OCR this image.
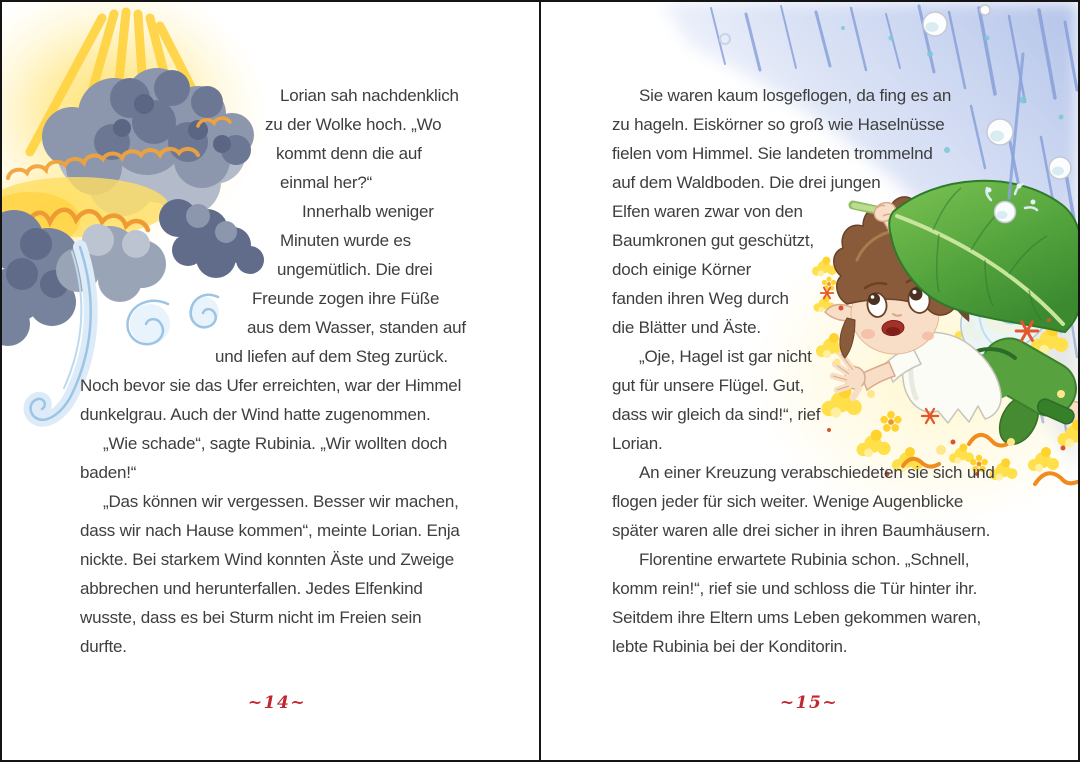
Lorian sah nachdenklich
zu der Wolke hoch. „Wo
kommt denn die auf
einmal her?“
Innerhalb weniger
Minuten wurde es
ungemütlich. Die drei
Freunde zogen ihre Füße
aus dem Wasser, standen auf
und liefen auf dem Steg zurück.
Noch bevor sie das Ufer erreichten, war der Himmel
dunkelgrau. Auch der Wind hatte zugenommen.
„Wie schade“, sagte Rubinia. „Wir wollten doch
baden!“
„Das können wir vergessen. Besser wir machen,
dass wir nach Hause kommen“, meinte Lorian. Enja
nickte. Bei starkem Wind konnten Äste und Zweige
abbrechen und herunterfallen. Jedes Elfenkind
wusste, dass es bei Sturm nicht im Freien sein
durfte.
~14~
Sie waren kaum losgeflogen, da fing es an
zu hageln. Eiskörner so groß wie Haselnüsse
fielen vom Himmel. Sie landeten trommelnd
auf dem Waldboden. Die drei jungen
Elfen waren zwar von den
Baumkronen gut geschützt,
doch einige Körner
fanden ihren Weg durch
die Blätter und Äste.
„Oje, Hagel ist gar nicht
gut für unsere Flügel. Gut,
dass wir gleich da sind!“, rief
Lorian.
An einer Kreuzung verabschiedeten sie sich und
flogen jeder für sich weiter. Wenige Augenblicke
später waren alle drei sicher in ihren Baumhäusern.
Florentine erwartete Rubinia schon. „Schnell,
komm rein!“, rief sie und schloss die Tür hinter ihr.
Seitdem ihre Eltern ums Leben gekommen waren,
lebte Rubinia bei der Konditorin.
~15~
